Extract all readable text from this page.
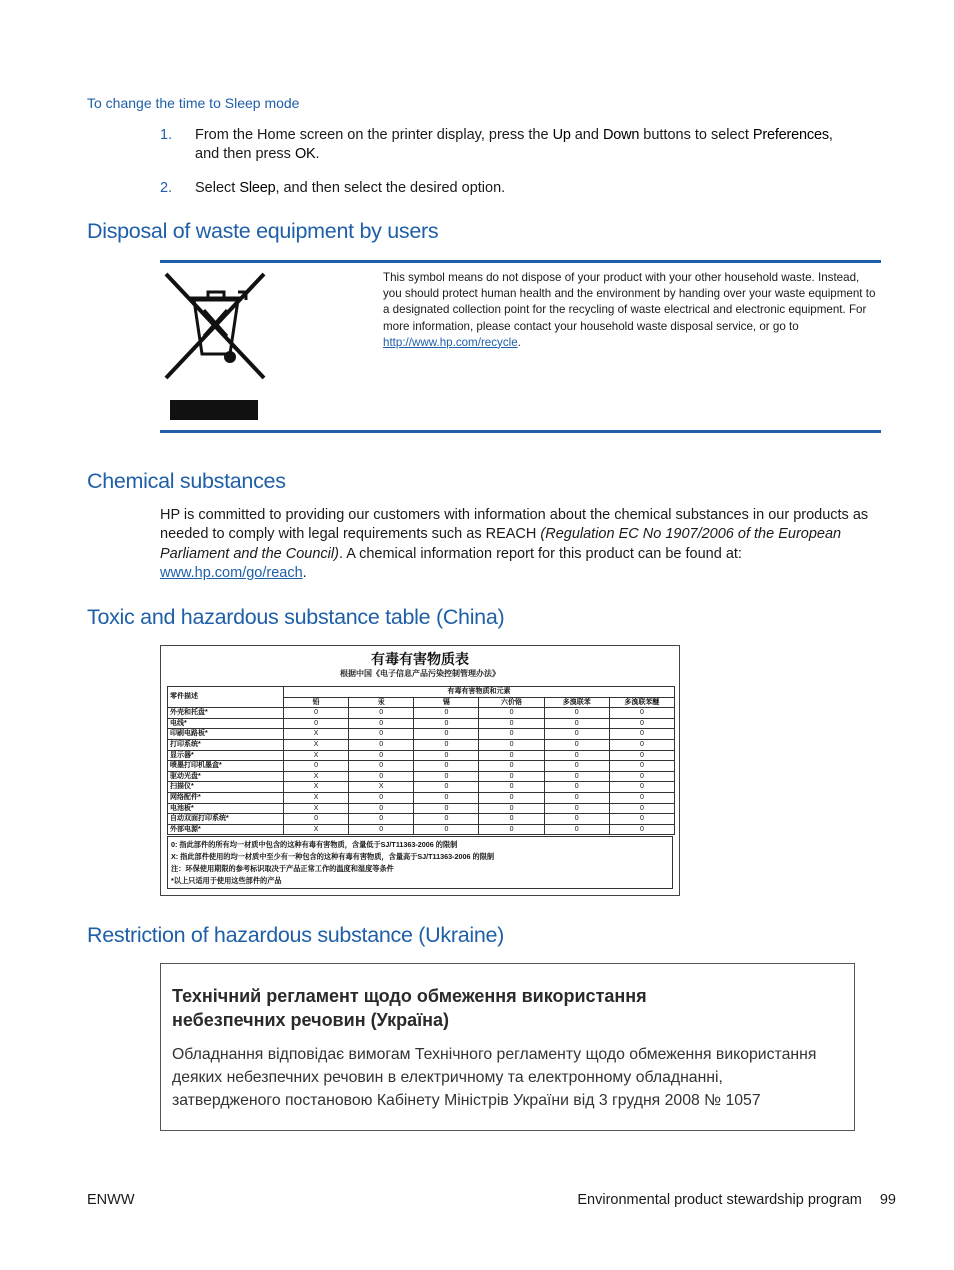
To change the time to Sleep mode
1. From the Home screen on the printer display, press the Up and Down buttons to select Preferences, and then press OK.
2. Select Sleep, and then select the desired option.
Disposal of waste equipment by users
This symbol means do not dispose of your product with your other household waste. Instead, you should protect human health and the environment by handing over your waste equipment to a designated collection point for the recycling of waste electrical and electronic equipment. For more information, please contact your household waste disposal service, or go to http://www.hp.com/recycle.
Chemical substances
HP is committed to providing our customers with information about the chemical substances in our products as needed to comply with legal requirements such as REACH (Regulation EC No 1907/2006 of the European Parliament and the Council). A chemical information report for this product can be found at: www.hp.com/go/reach.
Toxic and hazardous substance table (China)
有毒有害物质表
根据中国《电子信息产品污染控制管理办法》
零件描述	有毒有害物质和元素					
	铅	汞	镉	六价铬	多溴联苯	多溴联苯醚
外壳和托盘*	0	0	0	0	0	0
电线*	0	0	0	0	0	0
印刷电路板*	X	0	0	0	0	0
打印系统*	X	0	0	0	0	0
显示器*	X	0	0	0	0	0
喷墨打印机墨盒*	0	0	0	0	0	0
驱动光盘*	X	0	0	0	0	0
扫描仪*	X	X	0	0	0	0
网络配件*	X	0	0	0	0	0
电池板*	X	0	0	0	0	0
自动双面打印系统*	0	0	0	0	0	0
外部电源*	X	0	0	0	0	0
0: 指此部件的所有均一材质中包含的这种有毒有害物质，含量低于SJ/T11363-2006 的限制
X: 指此部件使用的均一材质中至少有一种包含的这种有毒有害物质，含量高于SJ/T11363-2006 的限制
注：环保使用期限的参考标识取决于产品正常工作的温度和湿度等条件
*以上只适用于使用这些部件的产品
Restriction of hazardous substance (Ukraine)
Технічний регламент щодо обмеження використання
небезпечних речовин (Україна)
Обладнання відповідає вимогам Технічного регламенту щодо обмеження використання
деяких небезпечних речовин в електричному та електронному обладнанні,
затвердженого постановою Кабінету Міністрів України від 3 грудня 2008 № 1057
ENWW	Environmental product stewardship program 99
